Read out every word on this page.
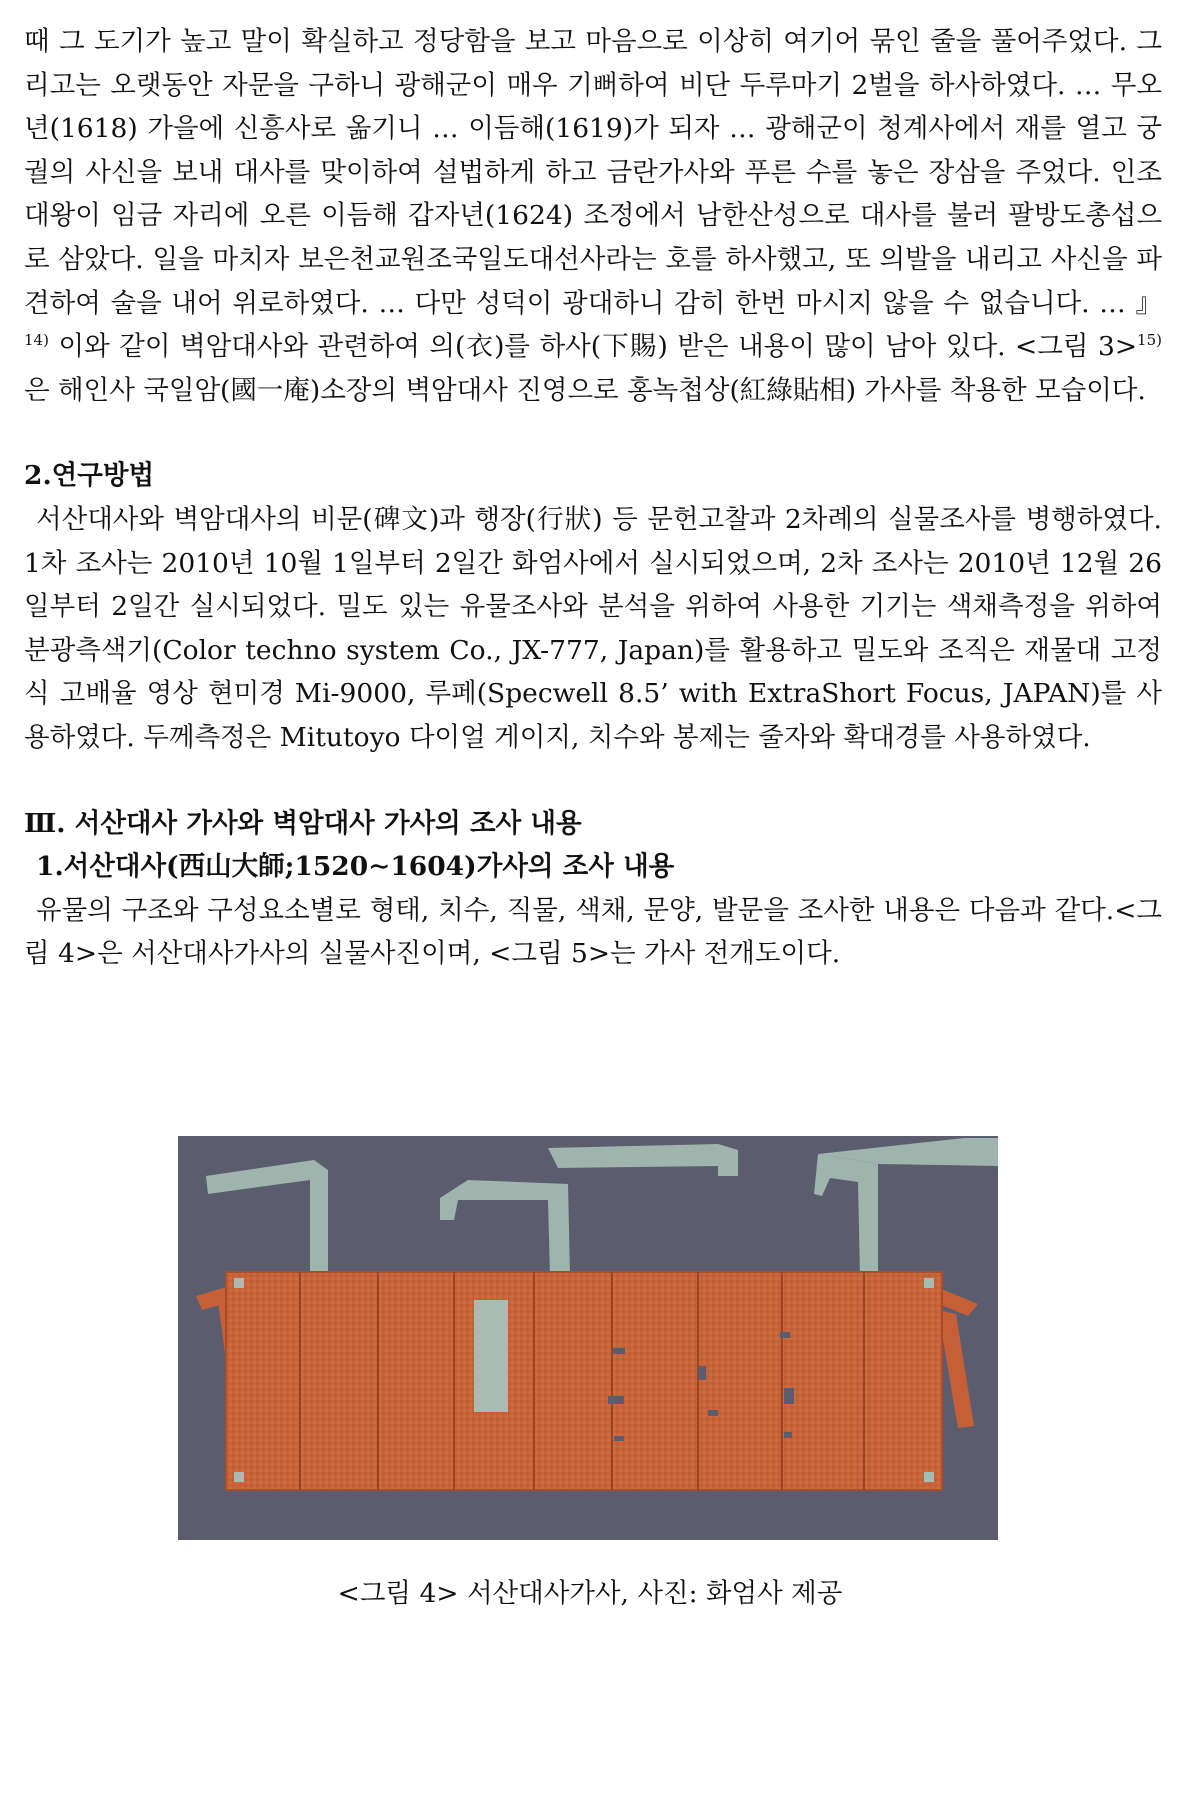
때 그 도기가 높고 말이 확실하고 정당함을 보고 마음으로 이상히 여기어 묶인 줄을 풀어주었다. 그리고는 오랫동안 자문을 구하니 광해군이 매우 기뻐하여 비단 두루마기 2벌을 하사하였다. … 무오년(1618) 가을에 신흥사로 옮기니 … 이듬해(1619)가 되자 … 광해군이 청계사에서 재를 열고 궁궐의 사신을 보내 대사를 맞이하여 설법하게 하고 금란가사와 푸른 수를 놓은 장삼을 주었다. 인조대왕이 임금 자리에 오른 이듬해 갑자년(1624) 조정에서 남한산성으로 대사를 불러 팔방도총섭으로 삼았다. 일을 마치자 보은천교원조국일도대선사라는 호를 하사했고, 또 의발을 내리고 사신을 파견하여 술을 내어 위로하였다. … 다만 성덕이 광대하니 감히 한번 마시지 않을 수 없습니다. … 』$^{14)}$ 이와 같이 벽암대사와 관련하여 의(衣)를 하사(下賜) 받은 내용이 많이 남아 있다. <그림 3>$^{15)}$은 해인사 국일암(國一庵)소장의 벽암대사 진영으로 홍녹첩상(紅綠貼相) 가사를 착용한 모습이다.

2.연구방법

서산대사와 벽암대사의 비문(碑文)과 행장(行狀) 등 문헌고찰과 2차례의 실물조사를 병행하였다. 1차 조사는 2010년 10월 1일부터 2일간 화엄사에서 실시되었으며, 2차 조사는 2010년 12월 26일부터 2일간 실시되었다. 밀도 있는 유물조사와 분석을 위하여 사용한 기기는 색채측정을 위하여 분광측색기(Color techno system Co., JX-777, Japan)를 활용하고 밀도와 조직은 재물대 고정식 고배율 영상 현미경 Mi-9000, 루페(Specwell 8.5’ with ExtraShort Focus, JAPAN)를 사용하였다. 두께측정은 Mitutoyo 다이얼 게이지, 치수와 봉제는 줄자와 확대경를 사용하였다.

Ⅲ. 서산대사 가사와 벽암대사 가사의 조사 내용

1.서산대사(西山大師;1520∼1604)가사의 조사 내용

유물의 구조와 구성요소별로 형태, 치수, 직물, 색채, 문양, 발문을 조사한 내용은 다음과 같다.<그림 4>은 서산대사가사의 실물사진이며, <그림 5>는 가사 전개도이다.

<그림 4> 서산대사가사, 사진: 화엄사 제공
